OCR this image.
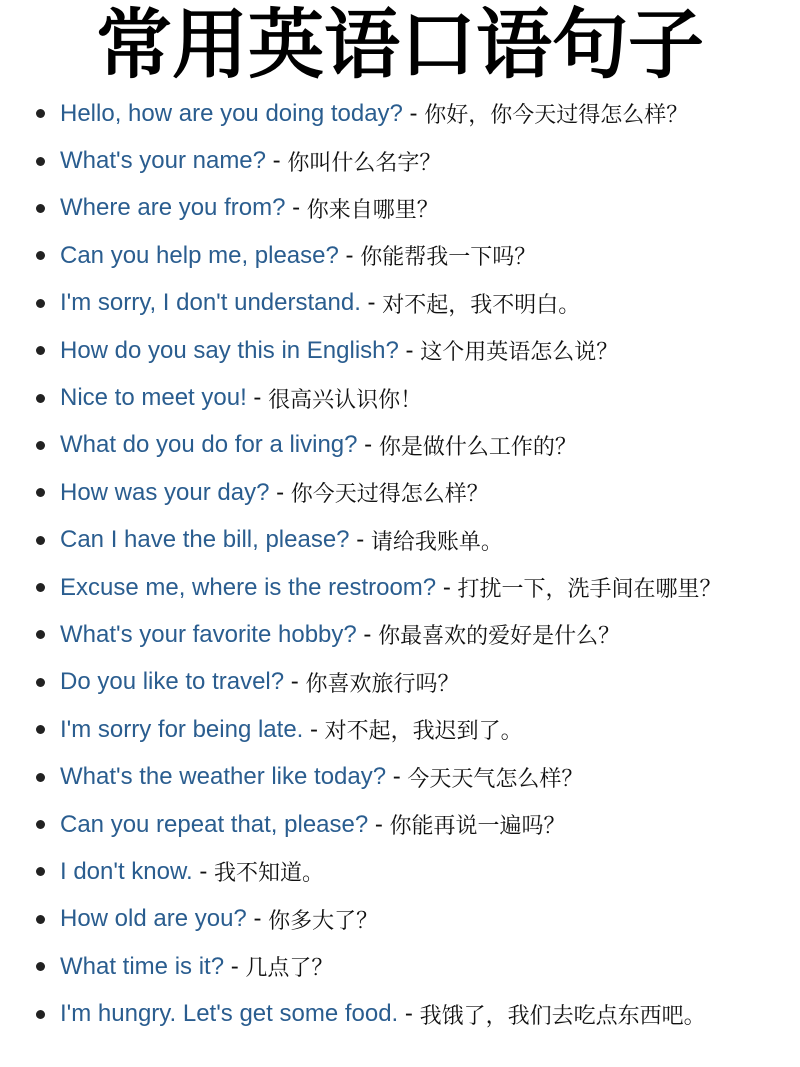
常用英语口语句子
Hello, how are you doing today? - 你好，你今天过得怎么样？
What's your name? - 你叫什么名字？
Where are you from? - 你来自哪里？
Can you help me, please? - 你能帮我一下吗？
I'm sorry, I don't understand. - 对不起，我不明白。
How do you say this in English? - 这个用英语怎么说？
Nice to meet you! - 很高兴认识你！
What do you do for a living? - 你是做什么工作的？
How was your day? - 你今天过得怎么样？
Can I have the bill, please? - 请给我账单。
Excuse me, where is the restroom? - 打扰一下，洗手间在哪里？
What's your favorite hobby? - 你最喜欢的爱好是什么？
Do you like to travel? - 你喜欢旅行吗？
I'm sorry for being late. - 对不起，我迟到了。
What's the weather like today? - 今天天气怎么样？
Can you repeat that, please? - 你能再说一遍吗？
I don't know. - 我不知道。
How old are you? - 你多大了？
What time is it? - 几点了？
I'm hungry. Let's get some food. - 我饿了，我们去吃点东西吧。
